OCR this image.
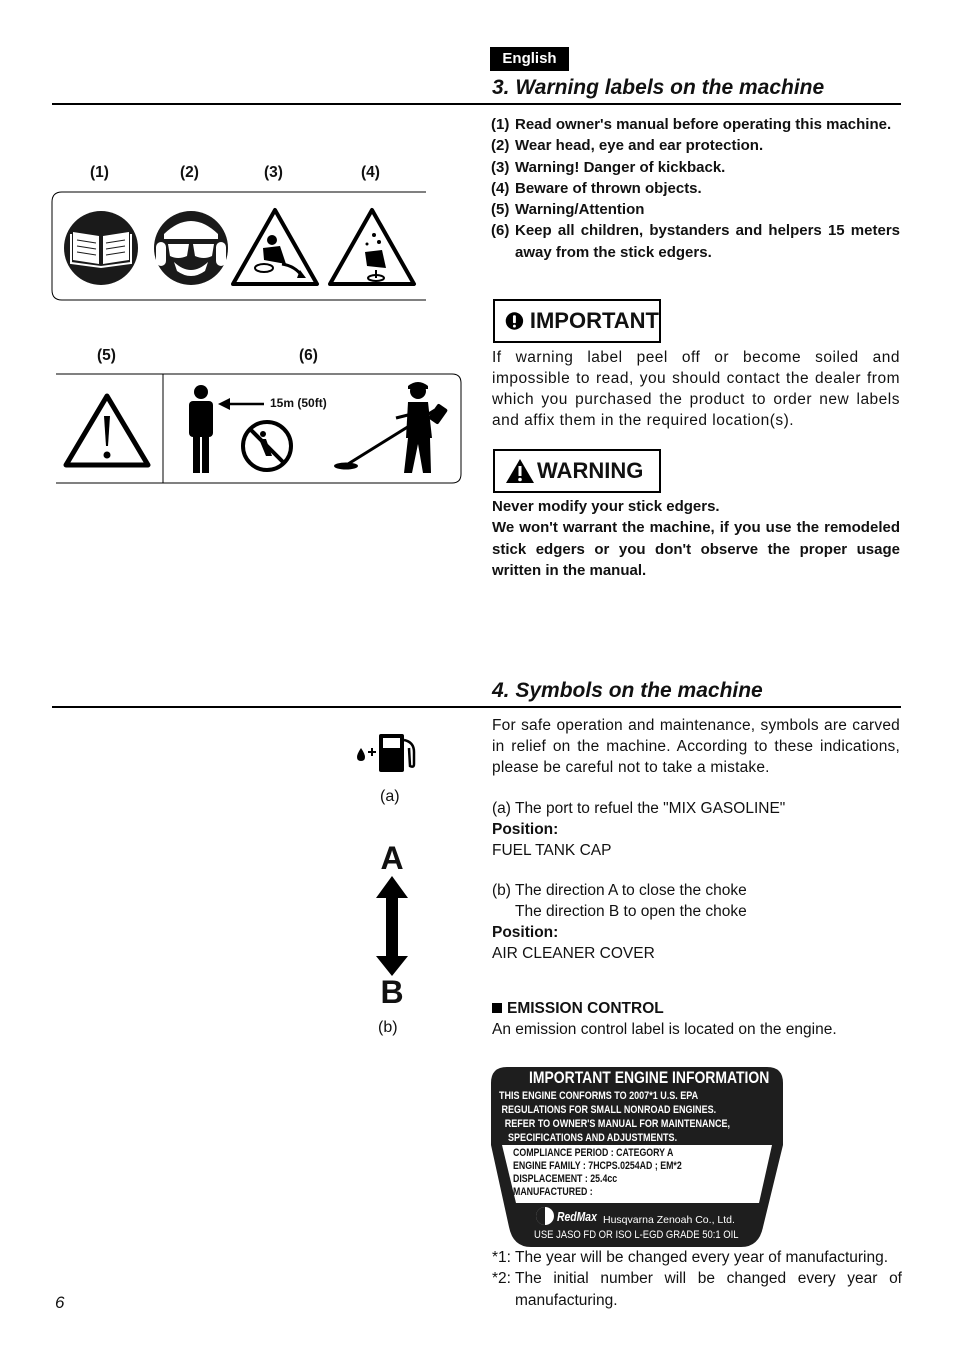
English
3. Warning labels on the machine
(1)	(2)	(3)	(4)
(5)	(6)
15m (50ft)
(1) Read owner's manual before operating this machine.
(2) Wear head, eye and ear protection.
(3) Warning! Danger of kickback.
(4) Beware of thrown objects.
(5) Warning/Attention
(6) Keep all children, bystanders and helpers 15 meters away from the stick edgers.
IMPORTANT
If warning label peel off or become soiled and impossible to read, you should contact the dealer from which you purchased the product to order new labels and affix them in the required location(s).
WARNING
Never modify your stick edgers.
We won't warrant the machine, if you use the remodeled stick edgers or you don't observe the proper usage written in the manual.
4. Symbols on the machine
(a)
A
B
(b)
For safe operation and maintenance, symbols are carved in relief on the machine. According to these indications, please be careful not to take a mistake.
(a) The port to refuel the "MIX GASOLINE"
Position:
FUEL TANK CAP
(b) The direction A to close the choke
The direction B to open the choke
Position:
AIR CLEANER COVER
EMISSION CONTROL
An emission control label is located on the engine.
IMPORTANT ENGINE INFORMATION
THIS ENGINE CONFORMS TO 2007*1 U.S. EPA
REGULATIONS FOR SMALL NONROAD ENGINES.
REFER TO OWNER'S MANUAL FOR MAINTENANCE,
SPECIFICATIONS AND ADJUSTMENTS.
COMPLIANCE PERIOD : CATEGORY A
ENGINE FAMILY : 7HCPS.0254AD ; EM*2
DISPLACEMENT : 25.4cc
MANUFACTURED :
RedMax Husqvarna Zenoah Co., Ltd.
USE JASO FD OR ISO L-EGD GRADE 50:1 OIL
*1: The year will be changed every year of manufacturing.
*2: The initial number will be changed every year of manufacturing.
6
